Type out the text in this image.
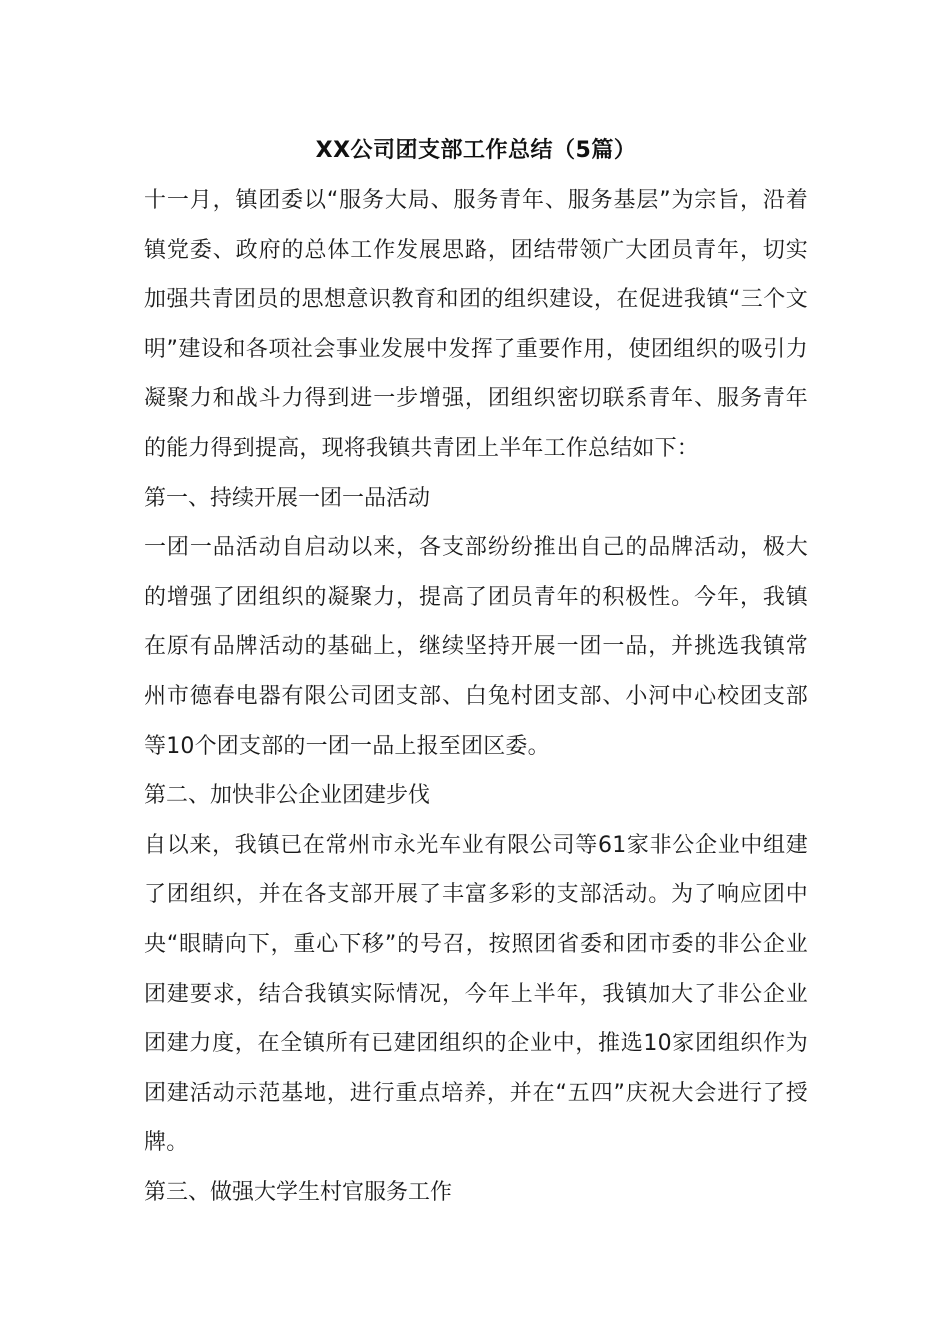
XX公司团支部工作总结（5篇）

十一月，镇团委以“服务大局、服务青年、服务基层”为宗旨，沿着镇党委、政府的总体工作发展思路，团结带领广大团员青年，切实加强共青团员的思想意识教育和团的组织建设，在促进我镇“三个文明”建设和各项社会事业发展中发挥了重要作用，使团组织的吸引力凝聚力和战斗力得到进一步增强，团组织密切联系青年、服务青年的能力得到提高，现将我镇共青团上半年工作总结如下：

第一、持续开展一团一品活动

一团一品活动自启动以来，各支部纷纷推出自己的品牌活动，极大的增强了团组织的凝聚力，提高了团员青年的积极性。今年，我镇在原有品牌活动的基础上，继续坚持开展一团一品，并挑选我镇常州市德春电器有限公司团支部、白兔村团支部、小河中心校团支部等10个团支部的一团一品上报至团区委。

第二、加快非公企业团建步伐

自以来，我镇已在常州市永光车业有限公司等61家非公企业中组建了团组织，并在各支部开展了丰富多彩的支部活动。为了响应团中央“眼睛向下，重心下移”的号召，按照团省委和团市委的非公企业团建要求，结合我镇实际情况，今年上半年，我镇加大了非公企业团建力度，在全镇所有已建团组织的企业中，推选10家团组织作为团建活动示范基地，进行重点培养，并在“五四”庆祝大会进行了授牌。

第三、做强大学生村官服务工作
